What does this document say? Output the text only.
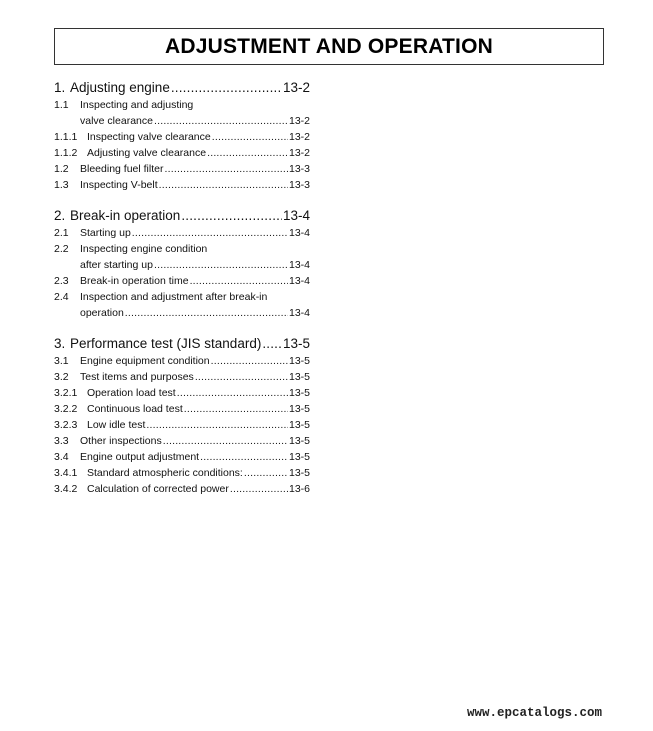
ADJUSTMENT AND OPERATION
1. Adjusting engine .....	13-2
1.1	Inspecting and adjusting
valve clearance .....	13-2
1.1.1 Inspecting valve clearance .....	13-2
1.1.2 Adjusting valve clearance .....	13-2
1.2	Bleeding fuel filter .....	13-3
1.3	Inspecting V-belt .....	13-3
2. Break-in operation .....	13-4
2.1	Starting up .....	13-4
2.2	Inspecting engine condition
after starting up .....	13-4
2.3	Break-in operation time .....	13-4
2.4	Inspection and adjustment after break-in
operation .....	13-4
3. Performance test (JIS standard) ..... 13-5
3.1	Engine equipment condition .....	13-5
3.2	Test items and purposes .....	13-5
3.2.1 Operation load test .....	13-5
3.2.2 Continuous load test .....	13-5
3.2.3 Low idle test .....	13-5
3.3	Other inspections .....	13-5
3.4	Engine output adjustment .....	13-5
3.4.1 Standard atmospheric conditions: .....	13-5
3.4.2 Calculation of corrected power .....	13-6
www.epcatalogs.com
